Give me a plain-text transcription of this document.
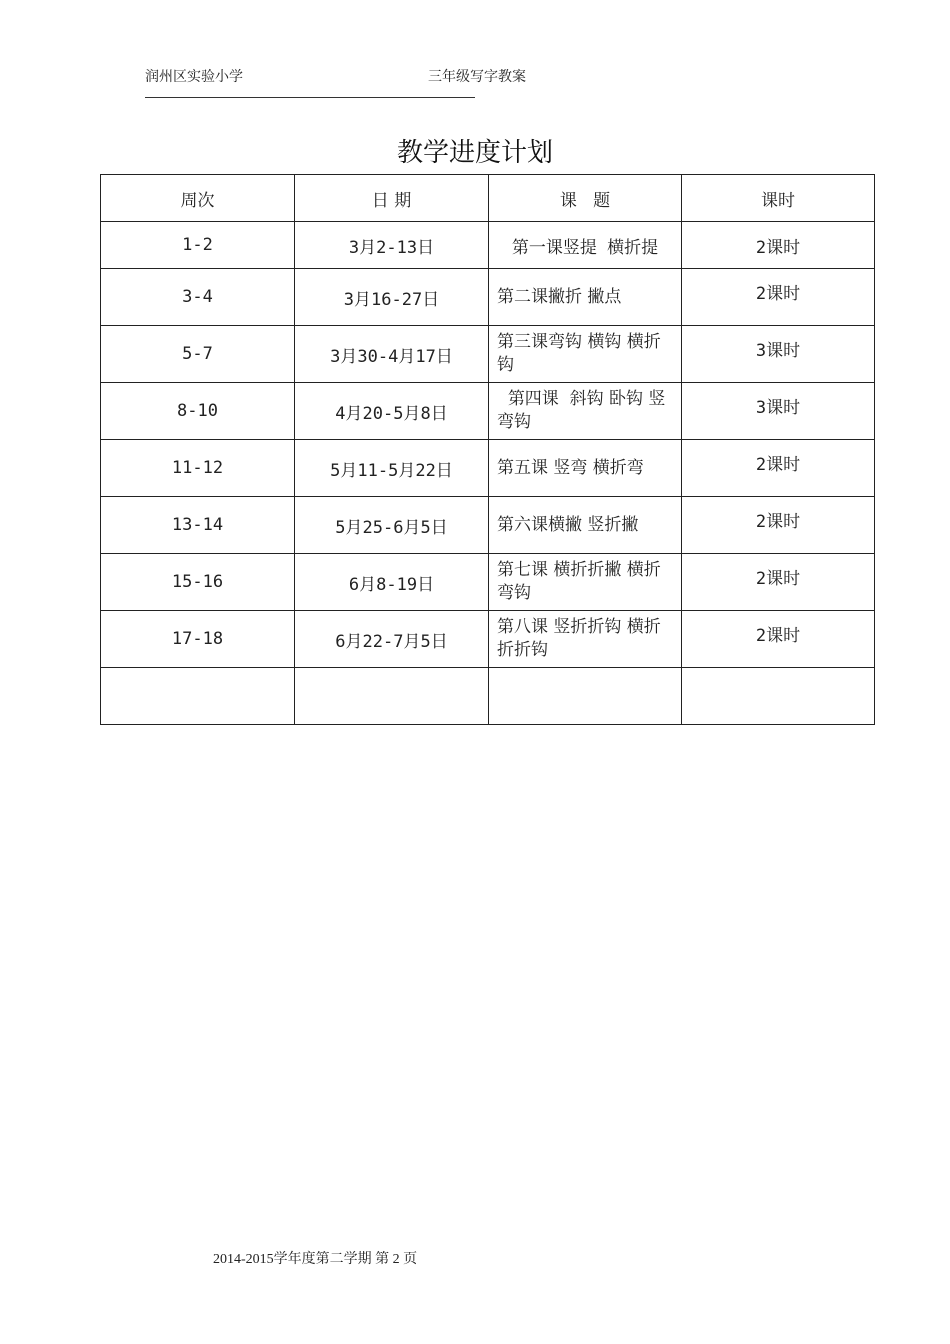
润州区实验小学	三年级写字教案
教学进度计划
周次	日 期	课   题	课时
1-2	3月2-13日	第一课竖提 横折提	2课时
3-4	3月16-27日	第二课撇折 撇点	2课时
5-7	3月30-4月17日	第三课弯钩 横钩 横折钩	3课时
8-10	4月20-5月8日	第四课  斜钩 卧钩 竖弯钩	3课时
11-12	5月11-5月22日	第五课 竖弯 横折弯	2课时
13-14	5月25-6月5日	第六课横撇 竖折撇	2课时
15-16	6月8-19日	第七课 横折折撇 横折弯钩	2课时
17-18	6月22-7月5日	第八课 竖折折钩 横折折折钩	2课时

2014-2015学年度第二学期 第 2 页
